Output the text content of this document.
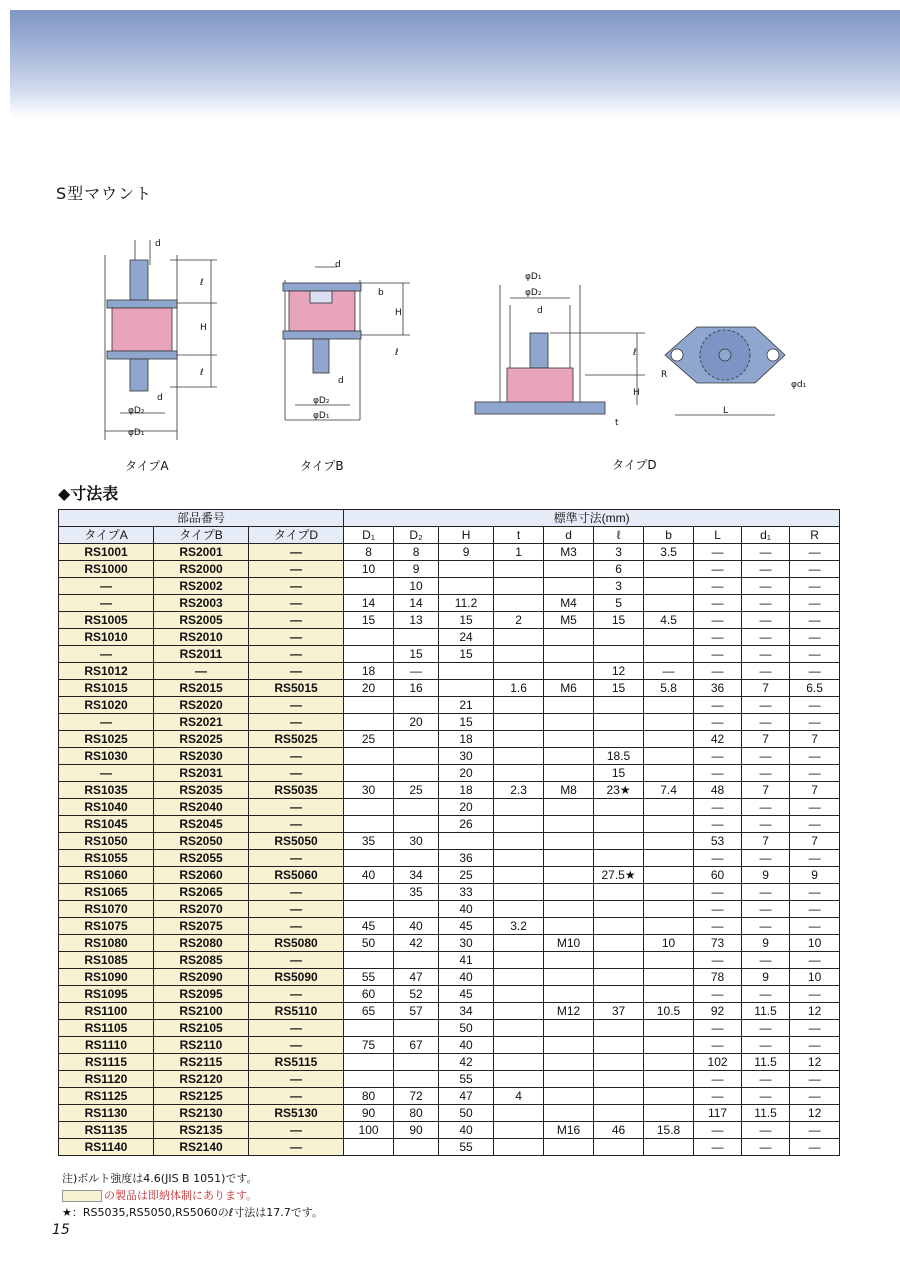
S型マウント
d
ℓ
H
ℓ
d
φD₂
φD₁
タイプA
d
b
H
ℓ
d
φD₂
φD₁
タイプB
φD₁
φD₂
d
ℓ
H
t
R
L
φd₁
タイプD
◆寸法表
部品番号			標準寸法(mm)									
タイプA	タイプB	タイプD	D₁	D₂	H	t	d	ℓ	b	L	d₁	R
RS1001	RS2001	—	8	8	9	1	M3	3	3.5	—	—	—
RS1000	RS2000	—	10	9				6		—	—	—
—	RS2002	—		10				3		—	—	—
—	RS2003	—	14	14	11.2		M4	5		—	—	—
RS1005	RS2005	—	15	13	15	2	M5	15	4.5	—	—	—
RS1010	RS2010	—			24					—	—	—
—	RS2011	—		15	15					—	—	—
RS1012	—	—	18	—				12	—	—	—	—
RS1015	RS2015	RS5015	20	16		1.6	M6	15	5.8	36	7	6.5
RS1020	RS2020	—			21					—	—	—
—	RS2021	—		20	15					—	—	—
RS1025	RS2025	RS5025	25		18					42	7	7
RS1030	RS2030	—			30			18.5		—	—	—
—	RS2031	—			20			15		—	—	—
RS1035	RS2035	RS5035	30	25	18	2.3	M8	23★	7.4	48	7	7
RS1040	RS2040	—			20					—	—	—
RS1045	RS2045	—			26					—	—	—
RS1050	RS2050	RS5050	35	30						53	7	7
RS1055	RS2055	—			36					—	—	—
RS1060	RS2060	RS5060	40	34	25			27.5★		60	9	9
RS1065	RS2065	—		35	33					—	—	—
RS1070	RS2070	—			40					—	—	—
RS1075	RS2075	—	45	40	45	3.2				—	—	—
RS1080	RS2080	RS5080	50	42	30		M10		10	73	9	10
RS1085	RS2085	—			41					—	—	—
RS1090	RS2090	RS5090	55	47	40					78	9	10
RS1095	RS2095	—	60	52	45					—	—	—
RS1100	RS2100	RS5110	65	57	34		M12	37	10.5	92	11.5	12
RS1105	RS2105	—			50					—	—	—
RS1110	RS2110	—	75	67	40					—	—	—
RS1115	RS2115	RS5115			42					102	11.5	12
RS1120	RS2120	—			55					—	—	—
RS1125	RS2125	—	80	72	47	4				—	—	—
RS1130	RS2130	RS5130	90	80	50					117	11.5	12
RS1135	RS2135	—	100	90	40		M16	46	15.8	—	—	—
RS1140	RS2140	—			55					—	—	—
注)ボルト強度は4.6(JIS B 1051)です。
の製品は即納体制にあります。
★：RS5035,RS5050,RS5060のℓ寸法は17.7です。
15
